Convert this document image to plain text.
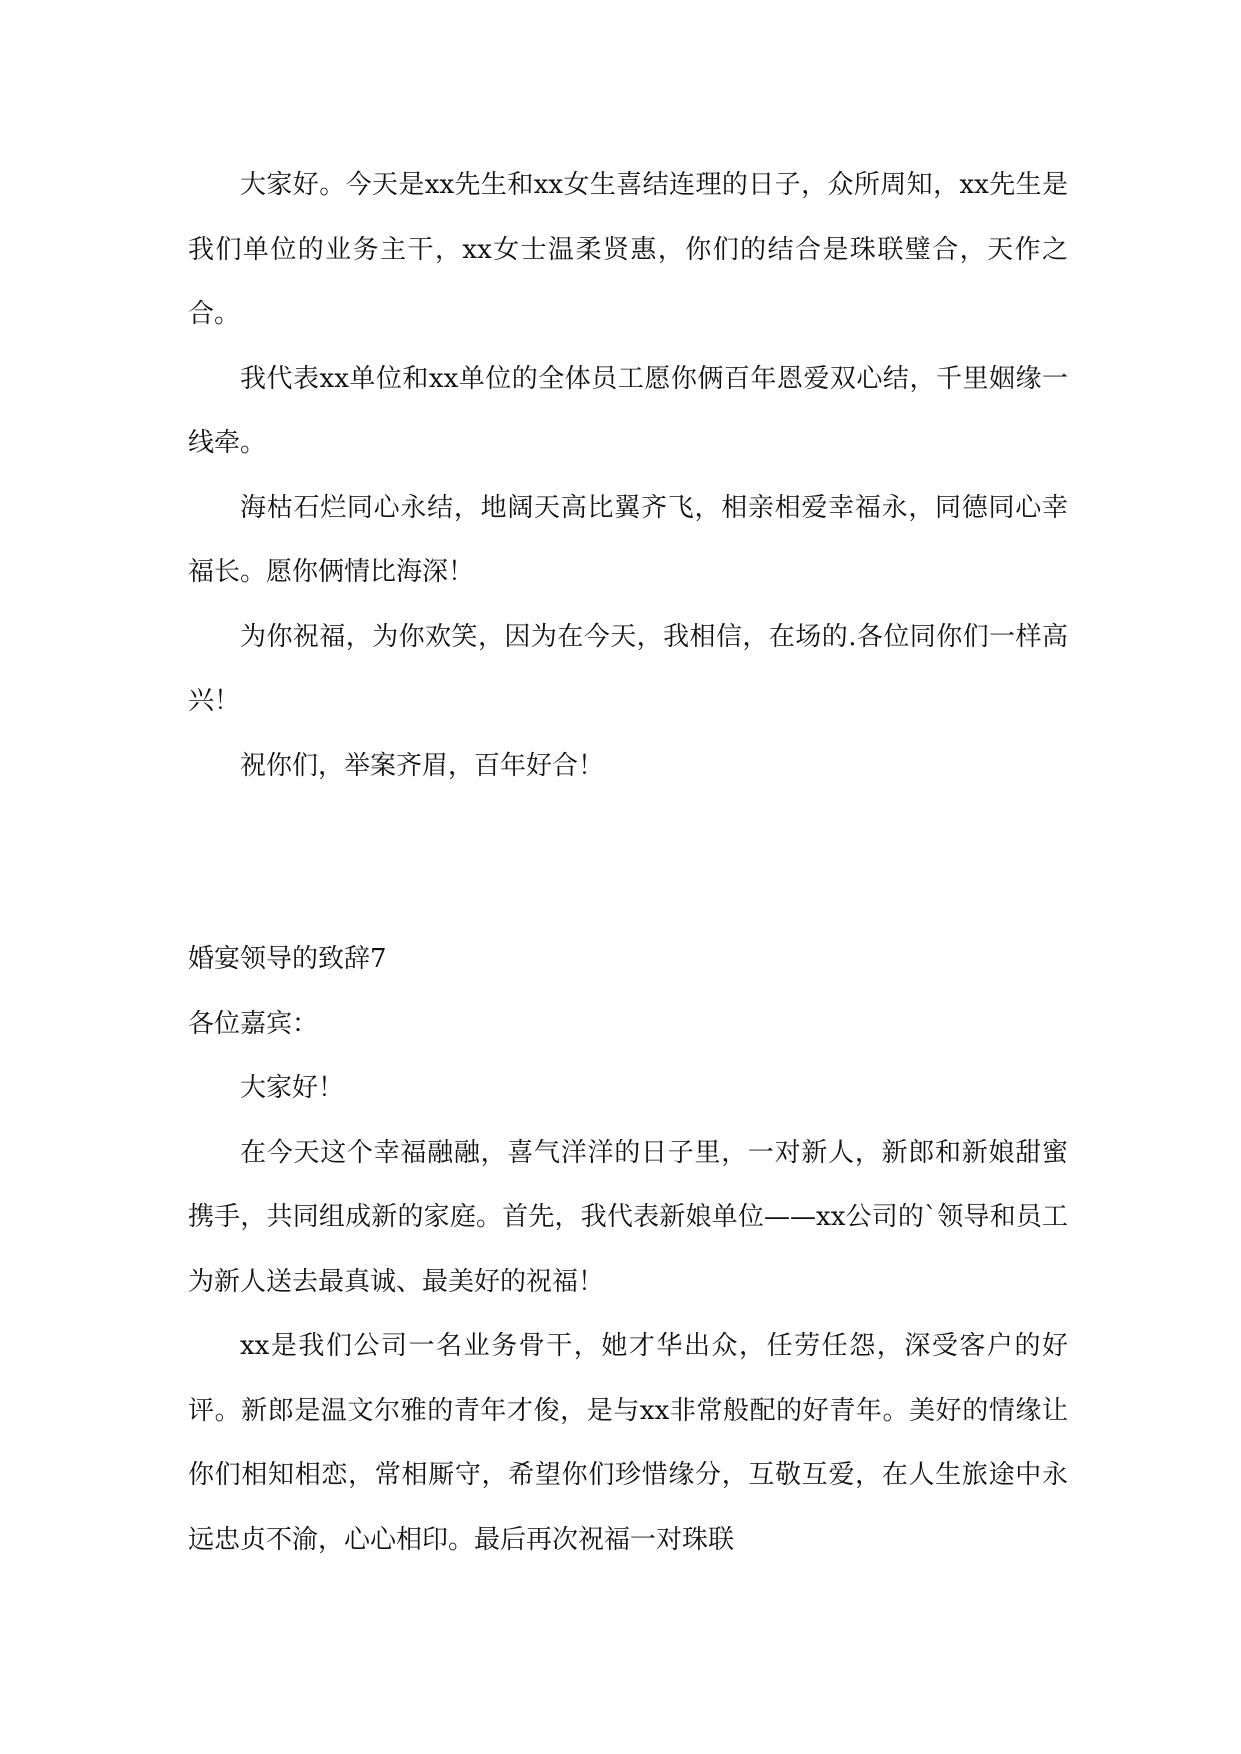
大家好。今天是xx先生和xx女生喜结连理的日子，众所周知，xx先生是我们单位的业务主干，xx女士温柔贤惠，你们的结合是珠联璧合，天作之合。

我代表xx单位和xx单位的全体员工愿你俩百年恩爱双心结，千里姻缘一线牵。

海枯石烂同心永结，地阔天高比翼齐飞，相亲相爱幸福永，同德同心幸福长。愿你俩情比海深！

为你祝福，为你欢笑，因为在今天，我相信，在场的.各位同你们一样高兴！

祝你们，举案齐眉，百年好合！

婚宴领导的致辞7

各位嘉宾：

大家好！

在今天这个幸福融融，喜气洋洋的日子里，一对新人，新郎和新娘甜蜜携手，共同组成新的家庭。首先，我代表新娘单位——xx公司的`领导和员工为新人送去最真诚、最美好的祝福！

xx是我们公司一名业务骨干，她才华出众，任劳任怨，深受客户的好评。新郎是温文尔雅的青年才俊，是与xx非常般配的好青年。美好的情缘让你们相知相恋，常相厮守，希望你们珍惜缘分，互敬互爱，在人生旅途中永远忠贞不渝，心心相印。最后再次祝福一对珠联
